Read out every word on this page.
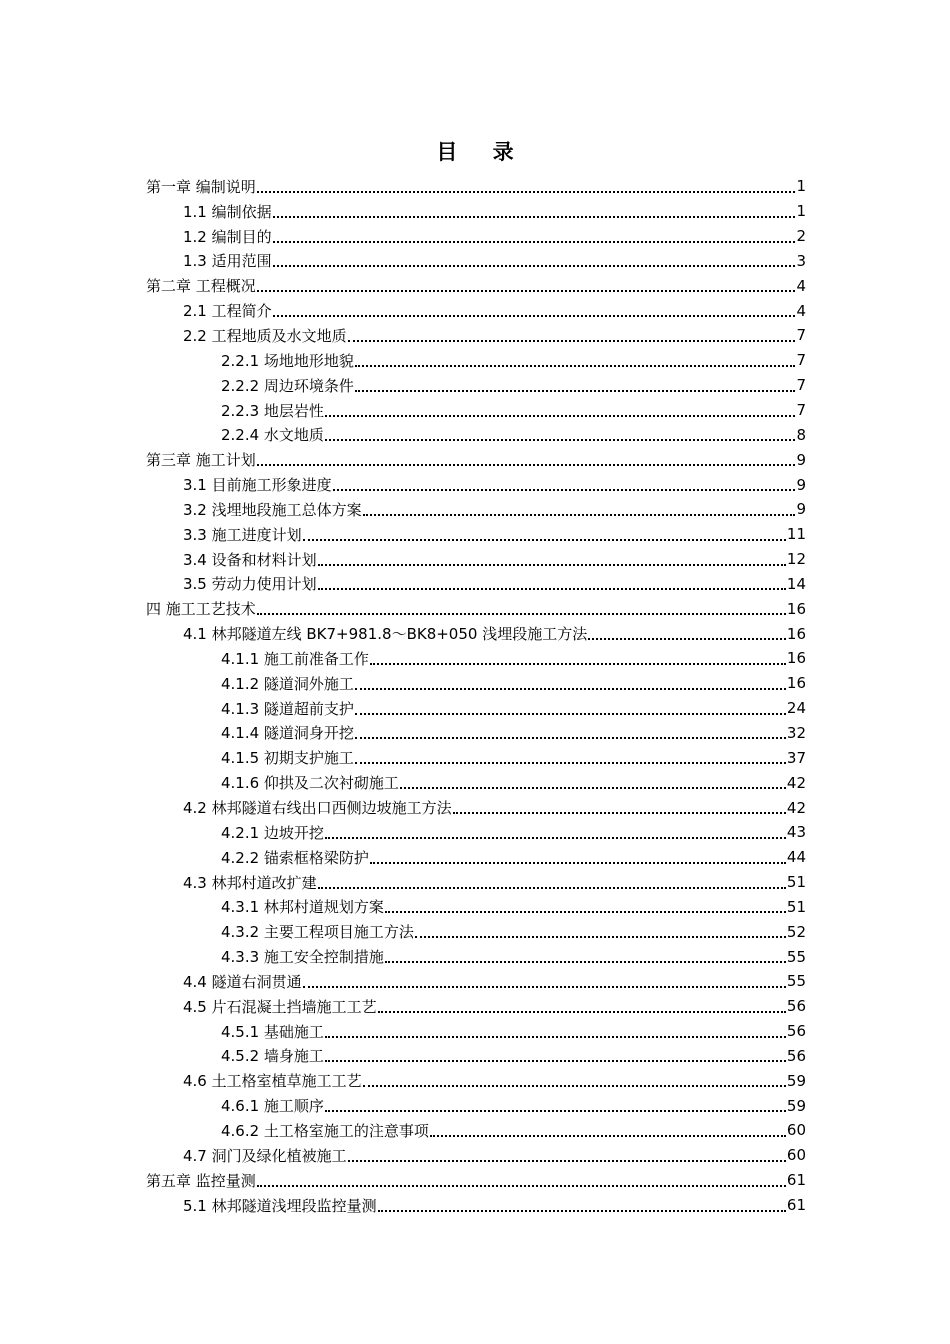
目 录
第一章 编制说明	1
1.1 编制依据	1
1.2 编制目的	2
1.3 适用范围	3
第二章 工程概况	4
2.1 工程简介	4
2.2 工程地质及水文地质	7
2.2.1 场地地形地貌	7
2.2.2 周边环境条件	7
2.2.3 地层岩性	7
2.2.4 水文地质	8
第三章 施工计划	9
3.1 目前施工形象进度	9
3.2 浅埋地段施工总体方案	9
3.3 施工进度计划	11
3.4 设备和材料计划	12
3.5 劳动力使用计划	14
四 施工工艺技术	16
4.1 林邦隧道左线 BK7+981.8～BK8+050 浅埋段施工方法	16
4.1.1 施工前准备工作	16
4.1.2 隧道洞外施工	16
4.1.3 隧道超前支护	24
4.1.4 隧道洞身开挖	32
4.1.5 初期支护施工	37
4.1.6 仰拱及二次衬砌施工	42
4.2 林邦隧道右线出口西侧边坡施工方法	42
4.2.1 边坡开挖	43
4.2.2 锚索框格梁防护	44
4.3 林邦村道改扩建	51
4.3.1 林邦村道规划方案	51
4.3.2 主要工程项目施工方法	52
4.3.3 施工安全控制措施	55
4.4 隧道右洞贯通	55
4.5 片石混凝土挡墙施工工艺	56
4.5.1 基础施工	56
4.5.2 墙身施工	56
4.6 土工格室植草施工工艺	59
4.6.1 施工顺序	59
4.6.2 土工格室施工的注意事项	60
4.7 洞门及绿化植被施工	60
第五章 监控量测	61
5.1 林邦隧道浅埋段监控量测	61
